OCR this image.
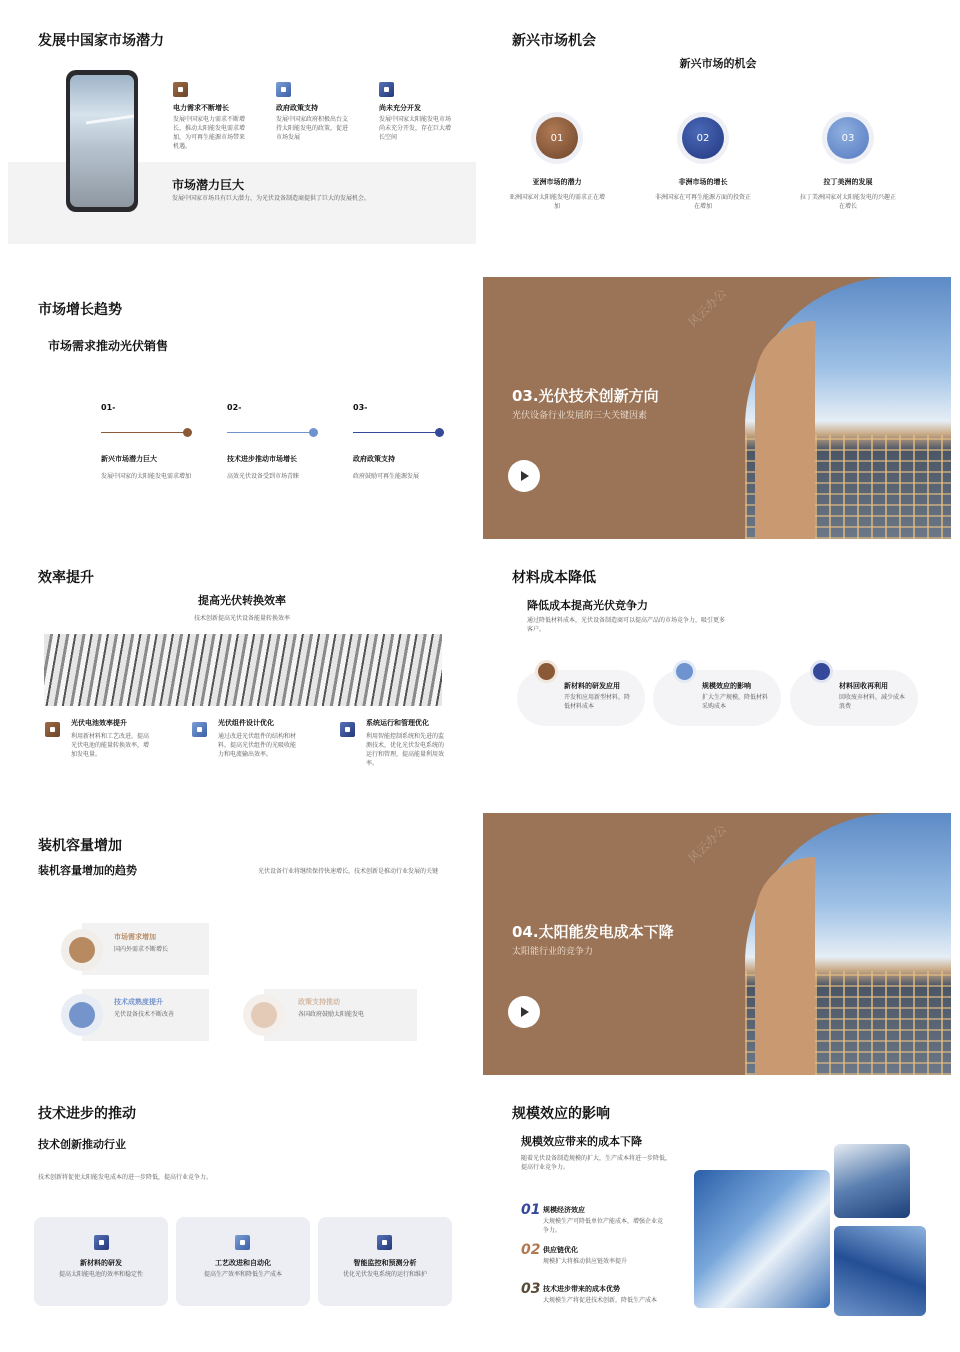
发展中国家市场潜力
电力需求不断增长
发展中国家电力需求不断增长，推动太阳能发电需求增加，为可再生能源市场带来机遇。
政府政策支持
发展中国家政府积极出台支持太阳能发电的政策，促进市场发展
尚未充分开发
发展中国家太阳能发电市场尚未充分开发，存在巨大增长空间
市场潜力巨大
发展中国家市场具有巨大潜力，为光伏设备制造商提供了巨大的发展机会。
新兴市场机会
新兴市场的机会
01	02	03
亚洲市场的潜力
亚洲国家对太阳能发电的需求正在增加
非洲市场的增长
非洲国家在可再生能源方面的投资正在增加
拉丁美洲的发展
拉丁美洲国家对太阳能发电的兴趣正在增长
市场增长趋势
市场需求推动光伏销售
01-
新兴市场潜力巨大
发展中国家的太阳能发电需求增加
02-
技术进步推动市场增长
高效光伏设备受到市场青睐
03-
政府政策支持
政府鼓励可再生能源发展
风云办公
03.光伏技术创新方向
光伏设备行业发展的三大关键因素
效率提升
提高光伏转换效率
技术创新提高光伏设备能量转换效率
光伏电池效率提升
利用新材料和工艺改进，提高光伏电池的能量转换效率，增加发电量。
光伏组件设计优化
通过改进光伏组件的结构和材料，提高光伏组件的光吸收能力和电流输出效率。
系统运行和管理优化
利用智能控制系统和先进的监测技术，优化光伏发电系统的运行和管理，提高能量利用效率。
材料成本降低
降低成本提高光伏竞争力
通过降低材料成本，光伏设备制造商可以提高产品的市场竞争力，吸引更多客户。
新材料的研发应用
开发和应用新型材料，降低材料成本
规模效应的影响
扩大生产规模，降低材料采购成本
材料回收再利用
回收废弃材料，减少成本浪费
装机容量增加
装机容量增加的趋势	光伏设备行业将继续保持快速增长，技术创新是推动行业发展的关键
市场需求增加
国内外需求不断增长
技术成熟度提升
光伏设备技术不断改善
政策支持推动
各国政府鼓励太阳能发电
风云办公
04.太阳能发电成本下降
太阳能行业的竞争力
技术进步的推动
技术创新推动行业
技术创新将促使太阳能发电成本的进一步降低，提高行业竞争力。
新材料的研发
提高太阳能电池的效率和稳定性
工艺改进和自动化
提高生产效率和降低生产成本
智能监控和预测分析
优化光伏发电系统的运行和维护
规模效应的影响
规模效应带来的成本下降
随着光伏设备制造规模的扩大，生产成本将进一步降低，提高行业竞争力。
01 规模经济效应
大规模生产可降低单位产能成本，增强企业竞争力。
02 供应链优化
规模扩大将推动供应链效率提升
03 技术进步带来的成本优势
大规模生产将促进技术创新，降低生产成本
